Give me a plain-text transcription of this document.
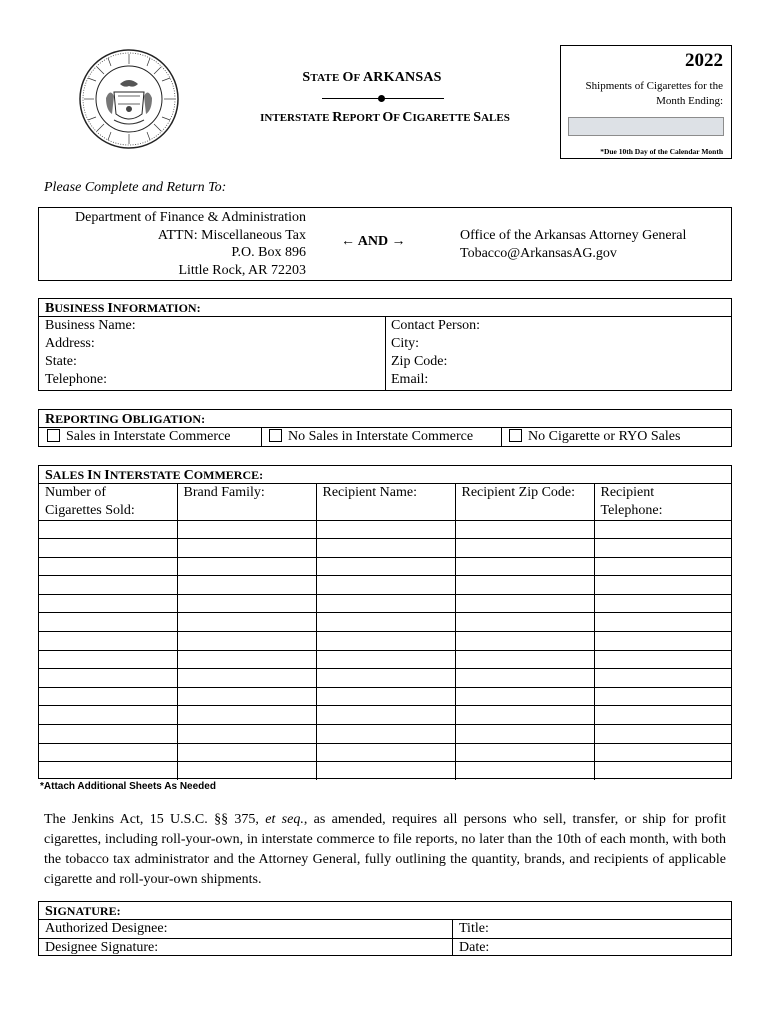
STATE OF ARKANSAS
INTERSTATE REPORT OF CIGARETTE SALES
2022
Shipments of Cigarettes for the
Month Ending:
*Due 10th Day of the Calendar Month
Please Complete and Return To:
Department of Finance & Administration
ATTN: Miscellaneous Tax
P.O. Box 896
Little Rock, AR 72203
← AND →	Office of the Arkansas Attorney General
Tobacco@ArkansasAG.gov
BUSINESS INFORMATION:
Business Name:	Contact Person:
Address:	City:
State:	Zip Code:
Telephone:	Email:
REPORTING OBLIGATION:
Sales in Interstate Commerce	No Sales in Interstate Commerce	No Cigarette or RYO Sales
SALES IN INTERSTATE COMMERCE:
Number of
Cigarettes Sold:	Brand Family:	Recipient Name:	Recipient Zip Code:	Recipient
Telephone:

*Attach Additional Sheets As Needed
The Jenkins Act, 15 U.S.C. §§ 375, et seq., as amended, requires all persons who sell, transfer, or ship for profit cigarettes, including roll-your-own, in interstate commerce to file reports, no later than the 10th of each month, with both the tobacco tax administrator and the Attorney General, fully outlining the quantity, brands, and recipients of applicable cigarette and roll-your-own shipments.
SIGNATURE:
Authorized Designee:	Title:
Designee Signature:	Date:
